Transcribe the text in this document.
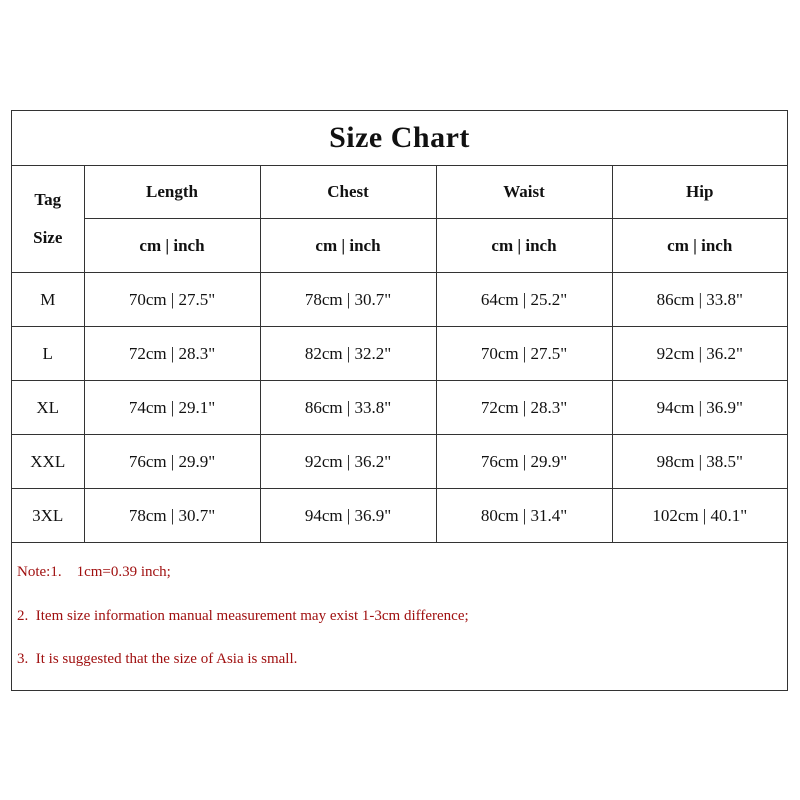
Size Chart
Tag
Size	Length	Chest	Waist	Hip
	cm | inch	cm | inch	cm | inch	cm | inch
M	70cm | 27.5"	78cm | 30.7"	64cm | 25.2"	86cm | 33.8"
L	72cm | 28.3"	82cm | 32.2"	70cm | 27.5"	92cm | 36.2"
XL	74cm | 29.1"	86cm | 33.8"	72cm | 28.3"	94cm | 36.9"
XXL	76cm | 29.9"	92cm | 36.2"	76cm | 29.9"	98cm | 38.5"
3XL	78cm | 30.7"	94cm | 36.9"	80cm | 31.4"	102cm | 40.1"
Note:1.    1cm=0.39 inch;
2.  Item size information manual measurement may exist 1-3cm difference;
3.  It is suggested that the size of Asia is small.
